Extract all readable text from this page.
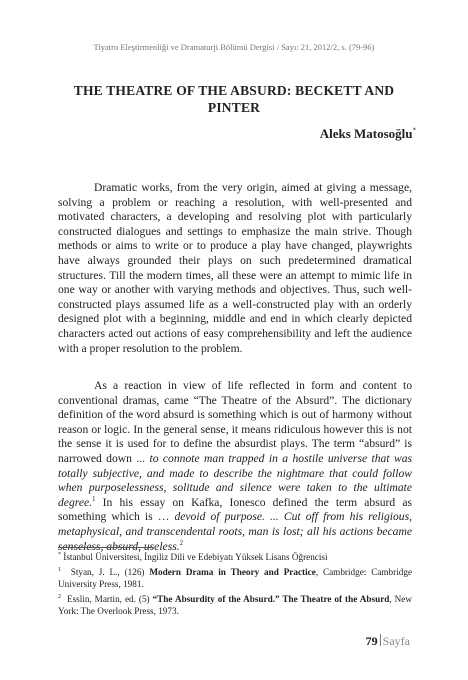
Tiyatro Eleştirmenliği ve Dramaturji Bölümü Dergisi / Sayı: 21, 2012/2, s. (79-96)
THE THEATRE OF THE ABSURD: BECKETT AND PINTER
Aleks Matosoğlu*
Dramatic works, from the very origin, aimed at giving a message, solving a problem or reaching a resolution, with well-presented and motivated characters, a developing and resolving plot with particularly constructed dialogues and settings to emphasize the main strive. Though methods or aims to write or to produce a play have changed, playwrights have always grounded their plays on such predetermined dramatical structures. Till the modern times, all these were an attempt to mimic life in one way or another with varying methods and objectives. Thus, such well-constructed plays assumed life as a well-constructed play with an orderly designed plot with a beginning, middle and end in which clearly depicted characters acted out actions of easy comprehensibility and left the audience with a proper resolution to the problem.
As a reaction in view of life reflected in form and content to conventional dramas, came “The Theatre of the Absurd”. The dictionary definition of the word absurd is something which is out of harmony without reason or logic. In the general sense, it means ridiculous however this is not the sense it is used for to define the absurdist plays. The term “absurd” is narrowed down ... to connote man trapped in a hostile universe that was totally subjective, and made to describe the nightmare that could follow when purposelessness, solitude and silence were taken to the ultimate degree.$^1$ In his essay on Kafka, Ionesco defined the term absurd as something which is … devoid of purpose. ... Cut off from his religious, metaphysical, and transcendental roots, man is lost; all his actions became senseless, absurd, useless.$^2$
* İstanbul Üniversitesi, İngiliz Dili ve Edebiyatı Yüksek Lisans Öğrencisi
$^1$ Styan, J. L., (126) Modern Drama in Theory and Practice, Cambridge: Cambridge University Press, 1981.
$^2$ Esslin, Martin, ed. (5) “The Absurdity of the Absurd.” The Theatre of the Absurd, New York: The Overlook Press, 1973.
79 Sayfa
